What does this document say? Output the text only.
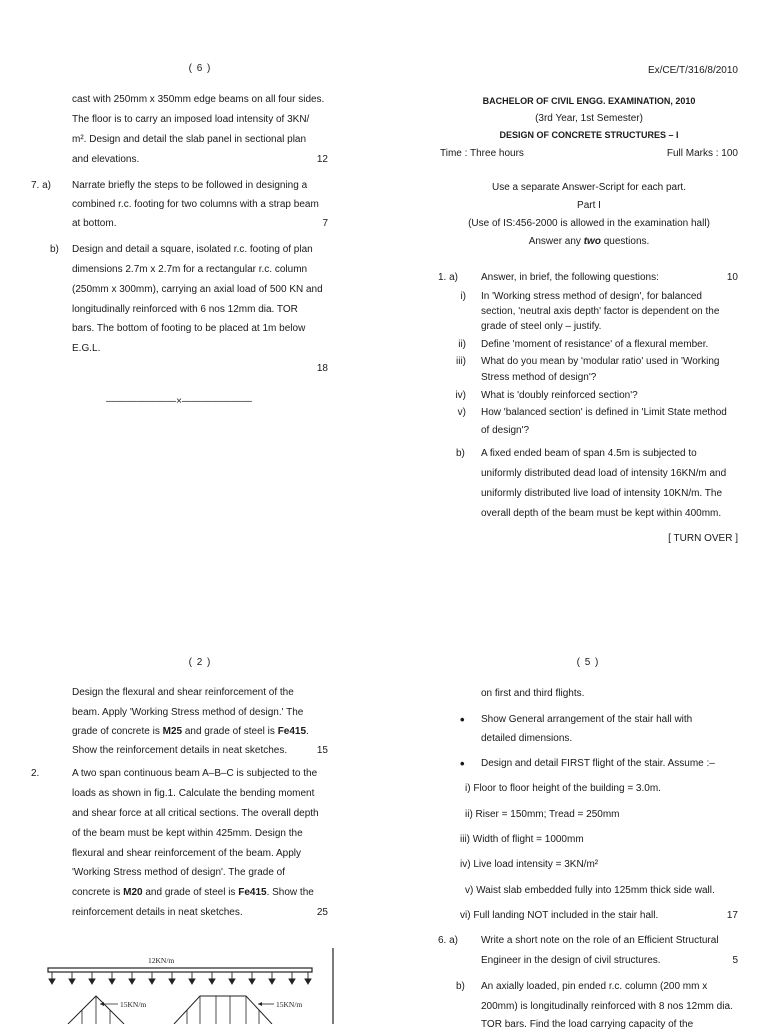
( 6 )
cast with 250mm x 350mm edge beams on all four sides.
The floor is to carry an imposed load intensity of 3KN/
m². Design and detail the slab panel in sectional plan
and elevations.	12
7. a) Narrate briefly the steps to be followed in designing a
combined r.c. footing for two columns with a strap beam
at bottom.	7
b) Design and detail a square, isolated r.c. footing of plan
dimensions 2.7m x 2.7m for a rectangular r.c. column
(250mm x 300mm), carrying an axial load of 500 KN and
longitudinally reinforced with 6 nos 12mm dia. TOR
bars. The bottom of footing to be placed at 1m below
E.G.L.
18
———————×———————
Ex/CE/T/316/8/2010
BACHELOR OF CIVIL ENGG. EXAMINATION, 2010
(3rd Year, 1st Semester)
DESIGN OF CONCRETE STRUCTURES – I
Time : Three hours	Full Marks : 100
Use a separate Answer-Script for each part.
Part I
(Use of IS:456-2000 is allowed in the examination hall)
Answer any two questions.
1. a) Answer, in brief, the following questions:	10
i) In 'Working stress method of design', for balanced
section, 'neutral axis depth' factor is dependent on the
grade of steel only – justify.
ii) Define 'moment of resistance' of a flexural member.
iii) What do you mean by 'modular ratio' used in 'Working
Stress method of design'?
iv) What is 'doubly reinforced section'?
v) How 'balanced section' is defined in 'Limit State method
of design'?
b) A fixed ended beam of span 4.5m is subjected to
uniformly distributed dead load of intensity 16KN/m and
uniformly distributed live load of intensity 10KN/m. The
overall depth of the beam must be kept within 400mm.
[ TURN OVER ]
( 2 )
Design the flexural and shear reinforcement of the
beam. Apply 'Working Stress method of design.' The
grade of concrete is M25 and grade of steel is Fe415.
Show the reinforcement details in neat sketches.	15
2.	A two span continuous beam A–B–C is subjected to the
loads as shown in fig.1. Calculate the bending moment
and shear force at all critical sections. The overall depth
of the beam must be kept within 425mm. Design the
flexural and shear reinforcement of the beam. Apply
'Working Stress method of design'. The grade of
concrete is M20 and grade of steel is Fe415. Show the
reinforcement details in neat sketches.	25
12KN/m
15KN/m	15KN/m
( 5 )
on first and third flights.
• Show General arrangement of the stair hall with
detailed dimensions.
• Design and detail FIRST flight of the stair. Assume :–
i) Floor to floor height of the building = 3.0m.
ii) Riser = 150mm; Tread = 250mm
iii) Width of flight = 1000mm
iv) Live load intensity = 3KN/m²
v) Waist slab embedded fully into 125mm thick side wall.
vi) Full landing NOT included in the stair hall.	17
6. a) Write a short note on the role of an Efficient Structural
Engineer in the design of civil structures.	5
b) An axially loaded, pin ended r.c. column (200 mm x
200mm) is longitudinally reinforced with 8 nos 12mm dia.
TOR bars. Find the load carrying capacity of the
